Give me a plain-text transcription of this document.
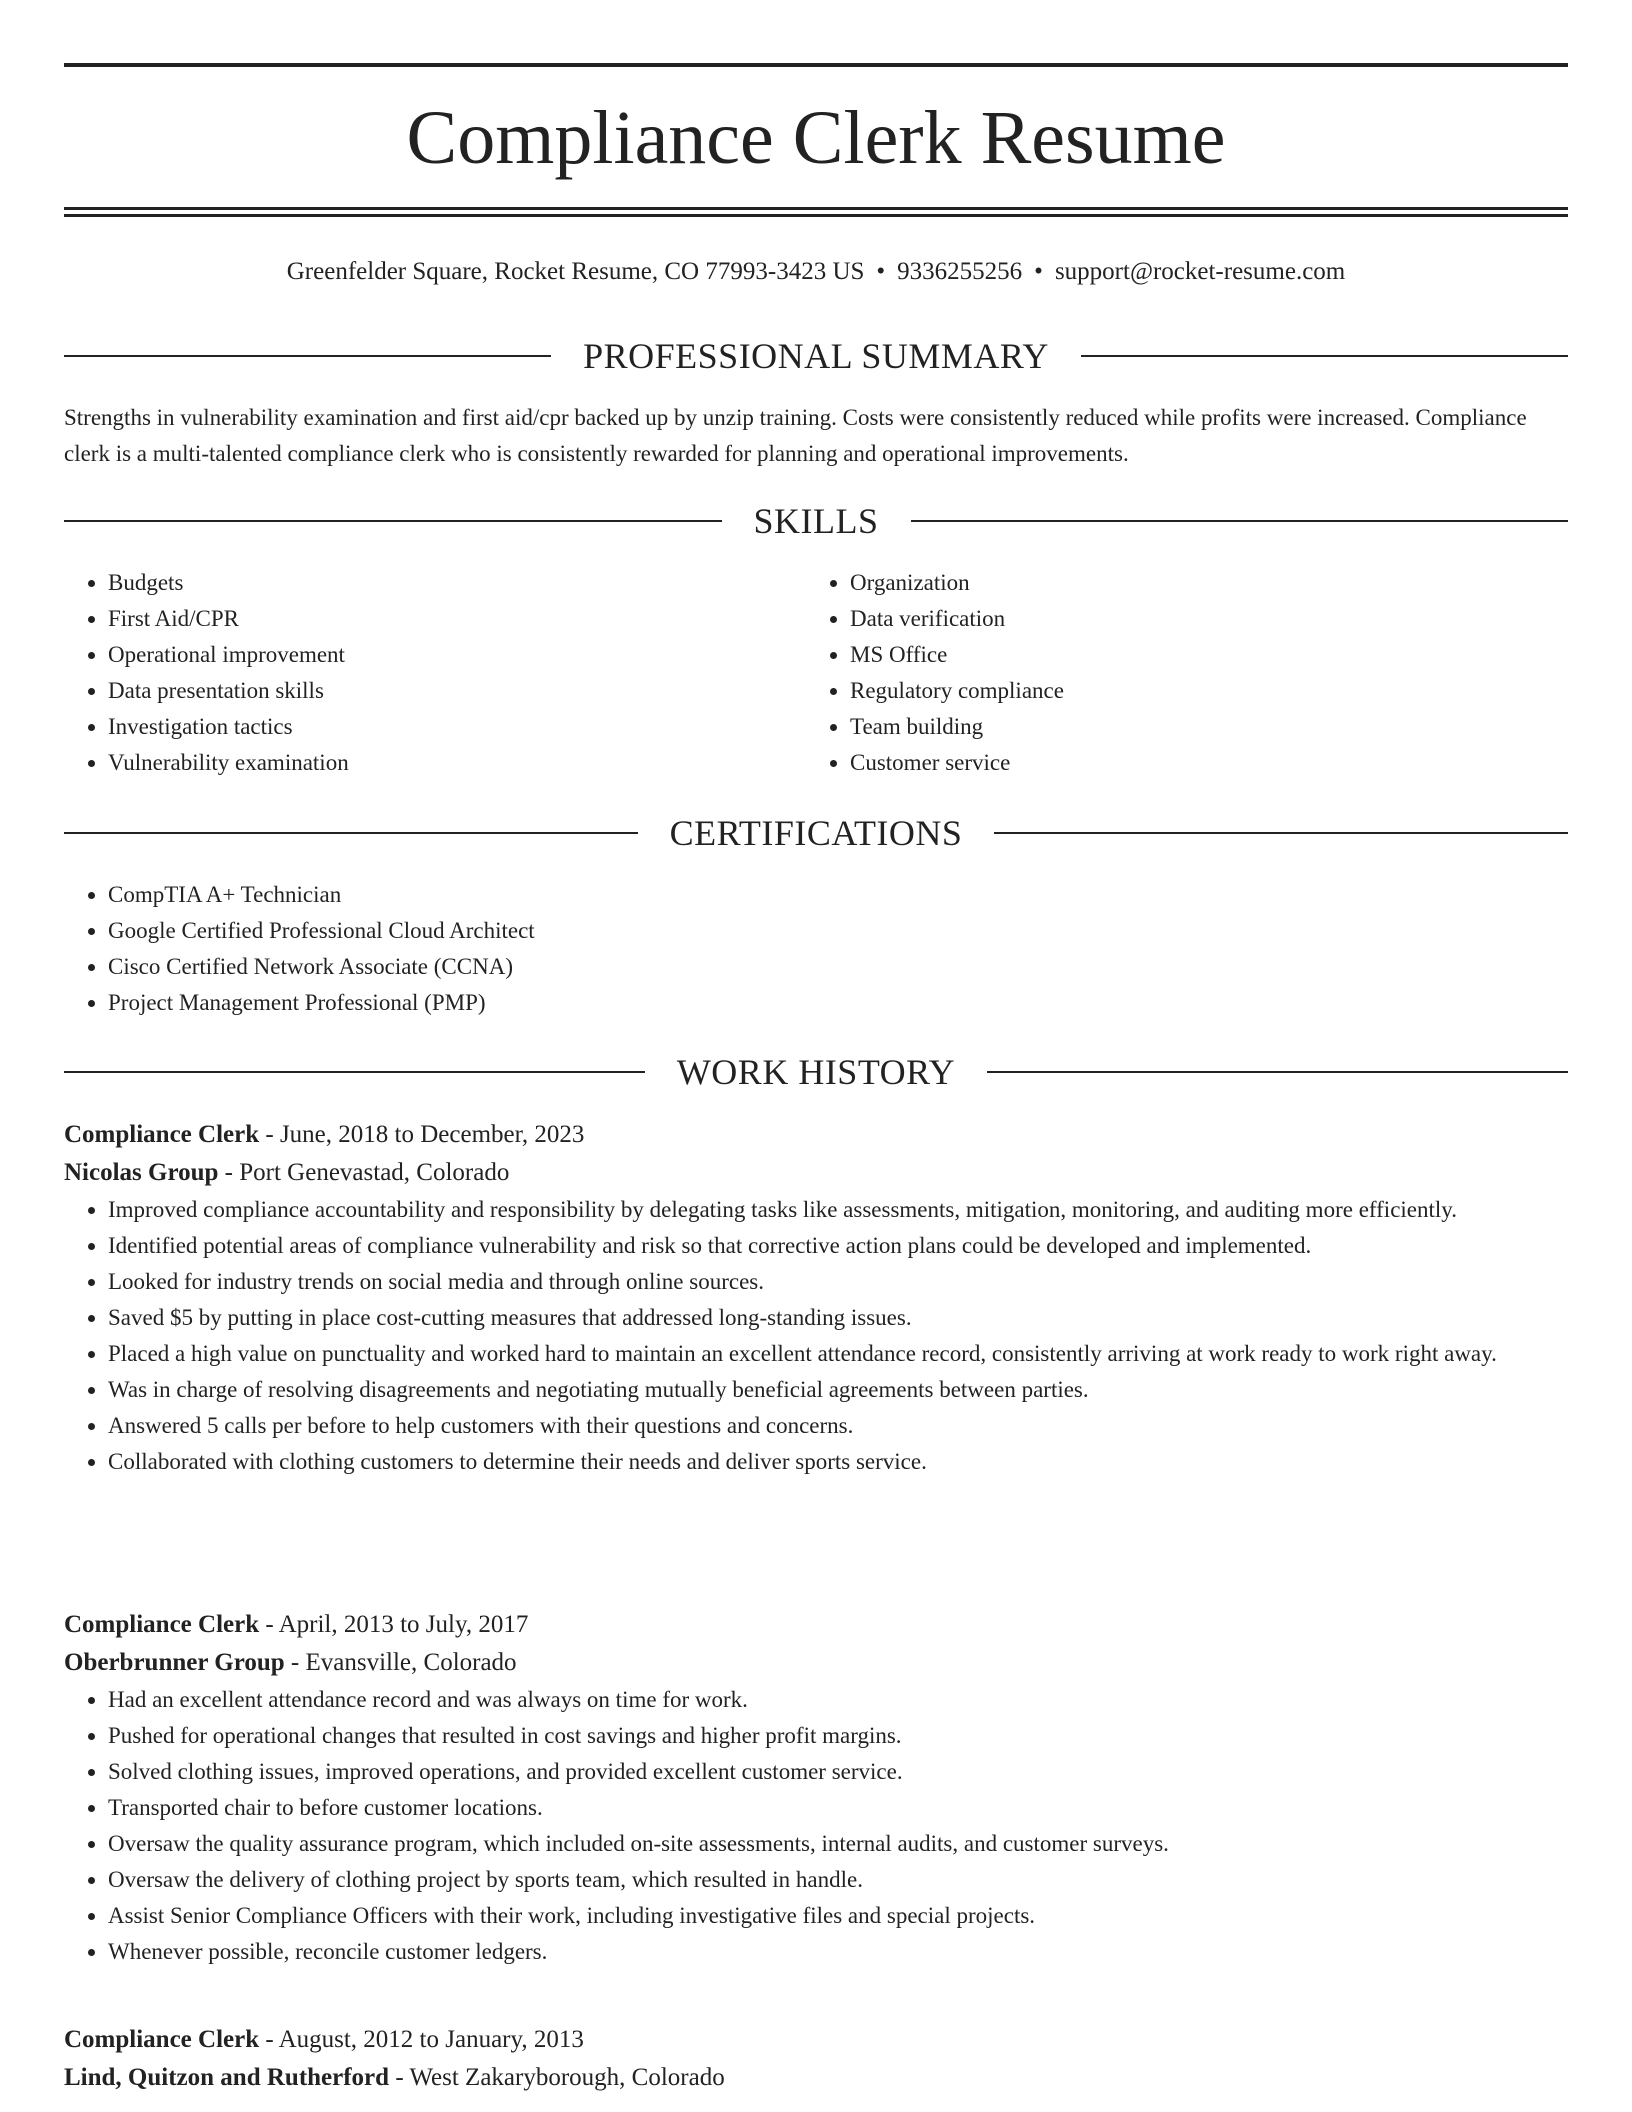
Compliance Clerk Resume
Greenfelder Square, Rocket Resume, CO 77993-3423 US • 9336255256 • support@rocket-resume.com
PROFESSIONAL SUMMARY
Strengths in vulnerability examination and first aid/cpr backed up by unzip training. Costs were consistently reduced while profits were increased. Compliance clerk is a multi-talented compliance clerk who is consistently rewarded for planning and operational improvements.
SKILLS
• Budgets
• First Aid/CPR
• Operational improvement
• Data presentation skills
• Investigation tactics
• Vulnerability examination
• Organization
• Data verification
• MS Office
• Regulatory compliance
• Team building
• Customer service
CERTIFICATIONS
• CompTIA A+ Technician
• Google Certified Professional Cloud Architect
• Cisco Certified Network Associate (CCNA)
• Project Management Professional (PMP)
WORK HISTORY
Compliance Clerk - June, 2018 to December, 2023
Nicolas Group - Port Genevastad, Colorado
• Improved compliance accountability and responsibility by delegating tasks like assessments, mitigation, monitoring, and auditing more efficiently.
• Identified potential areas of compliance vulnerability and risk so that corrective action plans could be developed and implemented.
• Looked for industry trends on social media and through online sources.
• Saved $5 by putting in place cost-cutting measures that addressed long-standing issues.
• Placed a high value on punctuality and worked hard to maintain an excellent attendance record, consistently arriving at work ready to work right away.
• Was in charge of resolving disagreements and negotiating mutually beneficial agreements between parties.
• Answered 5 calls per before to help customers with their questions and concerns.
• Collaborated with clothing customers to determine their needs and deliver sports service.
Compliance Clerk - April, 2013 to July, 2017
Oberbrunner Group - Evansville, Colorado
• Had an excellent attendance record and was always on time for work.
• Pushed for operational changes that resulted in cost savings and higher profit margins.
• Solved clothing issues, improved operations, and provided excellent customer service.
• Transported chair to before customer locations.
• Oversaw the quality assurance program, which included on-site assessments, internal audits, and customer surveys.
• Oversaw the delivery of clothing project by sports team, which resulted in handle.
• Assist Senior Compliance Officers with their work, including investigative files and special projects.
• Whenever possible, reconcile customer ledgers.
Compliance Clerk - August, 2012 to January, 2013
Lind, Quitzon and Rutherford - West Zakaryborough, Colorado
